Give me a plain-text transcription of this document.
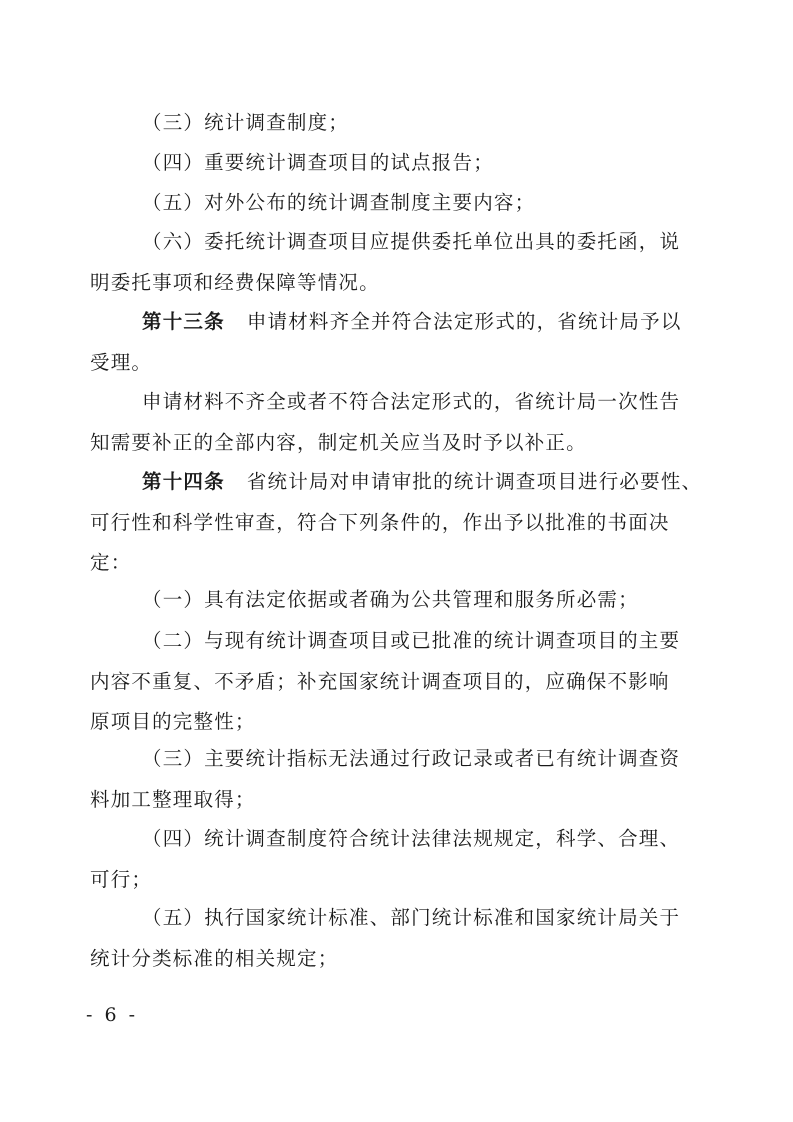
（三）统计调查制度；
（四）重要统计调查项目的试点报告；
（五）对外公布的统计调查制度主要内容；
（六）委托统计调查项目应提供委托单位出具的委托函，说
明委托事项和经费保障等情况。
第十三条 申请材料齐全并符合法定形式的，省统计局予以
受理。
申请材料不齐全或者不符合法定形式的，省统计局一次性告
知需要补正的全部内容，制定机关应当及时予以补正。
第十四条 省统计局对申请审批的统计调查项目进行必要性、
可行性和科学性审查，符合下列条件的，作出予以批准的书面决
定：
（一）具有法定依据或者确为公共管理和服务所必需；
（二）与现有统计调查项目或已批准的统计调查项目的主要
内容不重复、不矛盾；补充国家统计调查项目的，应确保不影响
原项目的完整性；
（三）主要统计指标无法通过行政记录或者已有统计调查资
料加工整理取得；
（四）统计调查制度符合统计法律法规规定，科学、合理、
可行；
（五）执行国家统计标准、部门统计标准和国家统计局关于
统计分类标准的相关规定；
- 6 -
